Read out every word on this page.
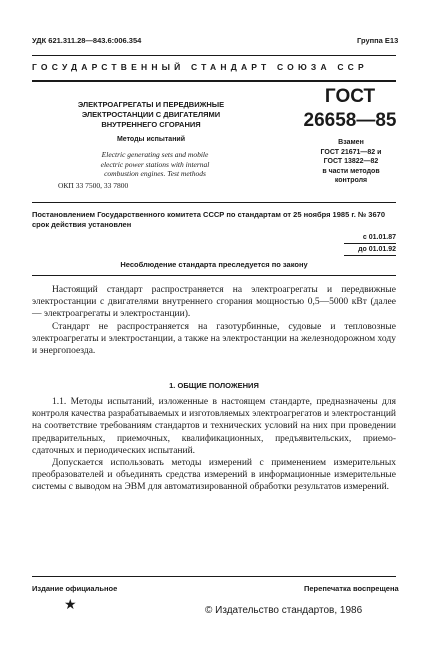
УДК 621.311.28—843.6:006.354	Группа Е13
ГОСУДАРСТВЕННЫЙ СТАНДАРТ СОЮЗА ССР
ЭЛЕКТРОАГРЕГАТЫ И ПЕРЕДВИЖНЫЕ
ЭЛЕКТРОСТАНЦИИ С ДВИГАТЕЛЯМИ
ВНУТРЕННЕГО СГОРАНИЯ
Методы испытаний
Electric generating sets and mobile
electric power stations with internal
combustion engines. Test methods
ОКП 33 7500, 33 7800
ГОСТ
26658—85
Взамен
ГОСТ 21671—82 и
ГОСТ 13822—82
в части методов
контроля
Постановлением Государственного комитета СССР по стандартам от 25 ноября 1985 г. № 3670 срок действия установлен
с 01.01.87
до 01.01.92
Несоблюдение стандарта преследуется по закону

Настоящий стандарт распространяется на электроагрегаты и передвижные электростанции с двигателями внутреннего сгорания мощностью 0,5—5000 кВт (далее — электроагрегаты и электростанции).

Стандарт не распространяется на газотурбинные, судовые и тепловозные электроагрегаты и электростанции, а также на электростанции на железнодорожном ходу и энергопоезда.

1. ОБЩИЕ ПОЛОЖЕНИЯ

1.1. Методы испытаний, изложенные в настоящем стандарте, предназначены для контроля качества разрабатываемых и изготовляемых электроагрегатов и электростанций на соответствие требованиям стандартов и технических условий на них при проведении предварительных, приемочных, квалификационных, предъявительских, приемо-сдаточных и периодических испытаний.

Допускается использовать методы измерений с применением измерительных преобразователей и объединять средства измерений в информационные измерительные системы с выводом на ЭВМ для автоматизированной обработки результатов измерений.

Издание официальное	Перепечатка воспрещена
★	© Издательство стандартов, 1986
